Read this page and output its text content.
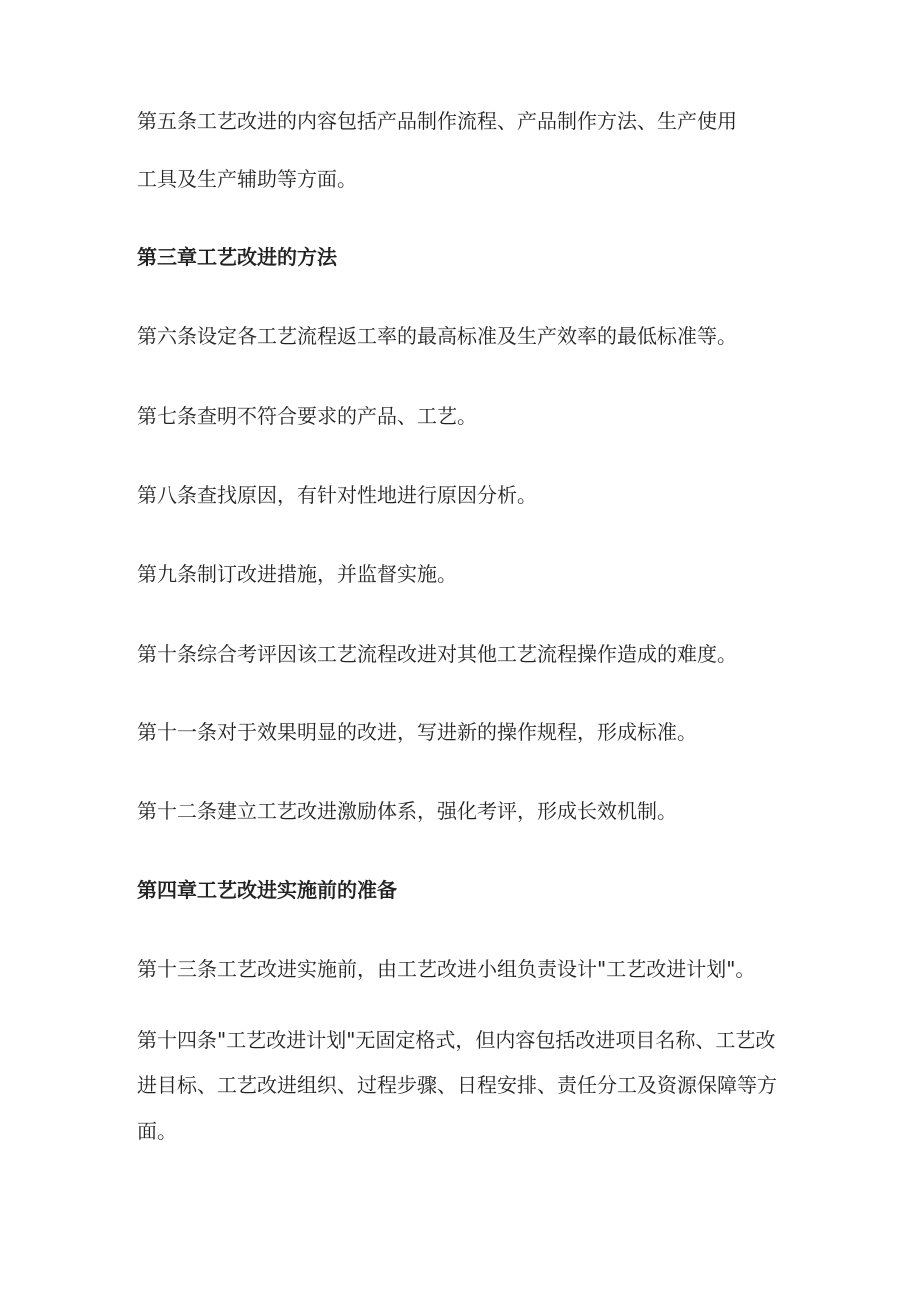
第五条工艺改进的内容包括产品制作流程、产品制作方法、生产使用

工具及生产辅助等方面。

第三章工艺改进的方法

第六条设定各工艺流程返工率的最高标准及生产效率的最低标准等。

第七条查明不符合要求的产品、工艺。

第八条查找原因，有针对性地进行原因分析。

第九条制订改进措施，并监督实施。

第十条综合考评因该工艺流程改进对其他工艺流程操作造成的难度。

第十一条对于效果明显的改进，写进新的操作规程，形成标准。

第十二条建立工艺改进激励体系，强化考评，形成长效机制。

第四章工艺改进实施前的准备

第十三条工艺改进实施前，由工艺改进小组负责设计"工艺改进计划"。

第十四条"工艺改进计划"无固定格式，但内容包括改进项目名称、工艺改

进目标、工艺改进组织、过程步骤、日程安排、责任分工及资源保障等方

面。
